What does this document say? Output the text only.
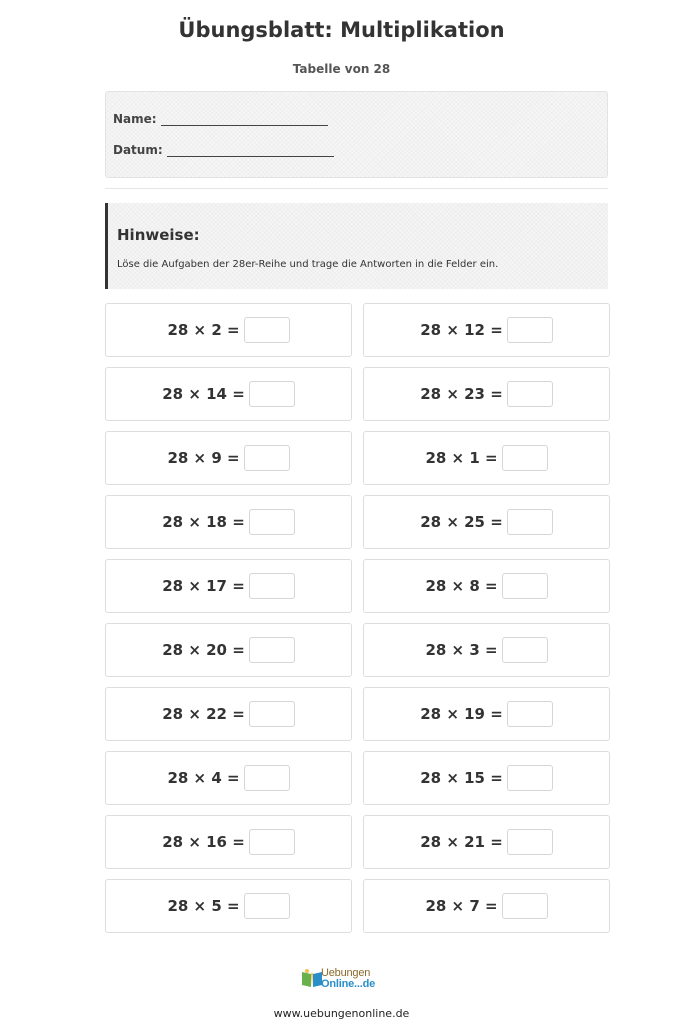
Übungsblatt: Multiplikation
Tabelle von 28
Name:
Datum:
Hinweise:
Löse die Aufgaben der 28er-Reihe und trage die Antworten in die Felder ein.
28 × 2 =	28 × 12 =
28 × 14 =	28 × 23 =
28 × 9 =	28 × 1 =
28 × 18 =	28 × 25 =
28 × 17 =	28 × 8 =
28 × 20 =	28 × 3 =
28 × 22 =	28 × 19 =
28 × 4 =	28 × 15 =
28 × 16 =	28 × 21 =
28 × 5 =	28 × 7 =
Uebungen
Online...de
www.uebungenonline.de
